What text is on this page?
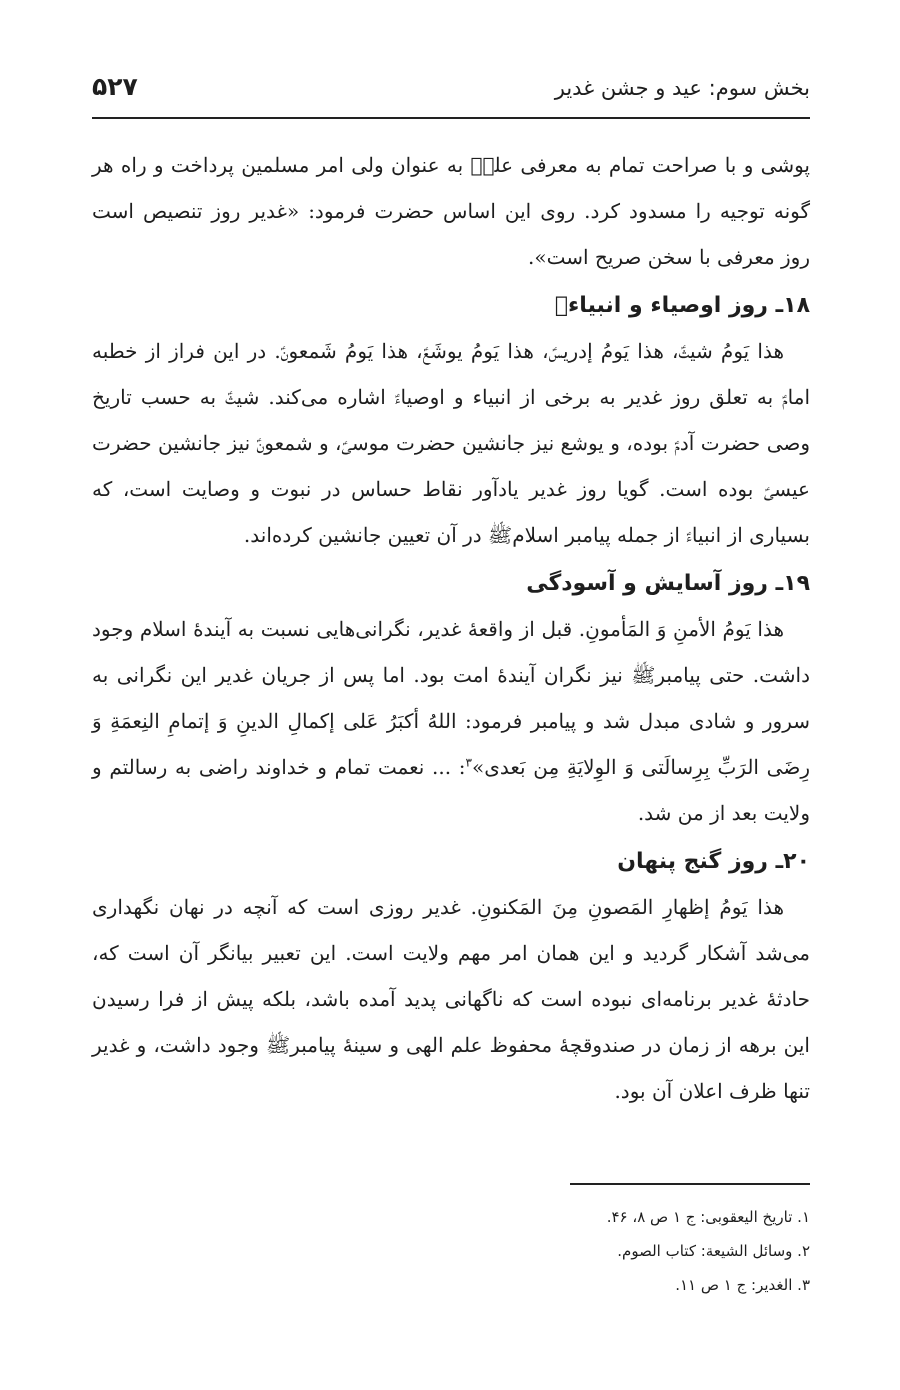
بخش سوم: عید و جشن غدیر
۵۲۷

پوشی و با صراحت تمام به معرفی علیؑ به عنوان ولی امر مسلمین پرداخت و راه هر گونه توجیه را مسدود کرد. روی این اساس حضرت فرمود: «غدیر روز تنصیص است روز معرفی با سخن صریح است».

۱۸ـ روز اوصیاء و انبیاءؑ

هذا یَومُ شیثؑ، هذا یَومُ إدریسؑ، هذا یَومُ یوشَعؑ، هذا یَومُ شَمعونؑ. در این فراز از خطبه امامؑ به تعلق روز غدیر به برخی از انبیاء و اوصیاءؑ اشاره می‌کند. شیثؑ به حسب تاریخ وصی حضرت آدمؑ بوده، و یوشع نیز جانشین حضرت موسیؑ، و شمعونؑ نیز جانشین حضرت عیسیؑ بوده است. گویا روز غدیر یادآور نقاط حساس در نبوت و وصایت است، که بسیاری از انبیاءؑ از جمله پیامبر اسلامﷺ در آن تعیین جانشین کرده‌اند.

۱۹ـ روز آسایش و آسودگی

هذا یَومُ الأمنِ وَ المَأمونِ. قبل از واقعهٔ غدیر، نگرانی‌هایی نسبت به آیندهٔ اسلام وجود داشت. حتی پیامبرﷺ نیز نگران آیندهٔ امت بود. اما پس از جریان غدیر این نگرانی به سرور و شادی مبدل شد و پیامبر فرمود: اللهُ أکبَرُ عَلی إکمالِ الدینِ وَ إتمامِ النِعمَةِ وَ رِضَی الرَبِّ بِرِسالَتی وَ الوِلایَةِ مِن بَعدی»$^۳$: ... نعمت تمام و خداوند راضی به رسالتم و ولایت بعد از من شد.

۲۰ـ روز گنج پنهان

هذا یَومُ إظهارِ المَصونِ مِنَ المَکنونِ. غدیر روزی است که آنچه در نهان نگهداری می‌شد آشکار گردید و این همان امر مهم ولایت است. این تعبیر بیانگر آن است که، حادثهٔ غدیر برنامه‌ای نبوده است که ناگهانی پدید آمده باشد، بلکه پیش از فرا رسیدن این برهه از زمان در صندوقچهٔ محفوظ علم الهی و سینهٔ پیامبرﷺ وجود داشت، و غدیر تنها ظرف اعلان آن بود.

۱. تاریخ الیعقوبی: ج ۱ ص ۸، ۴۶.
۲. وسائل الشیعة: کتاب الصوم.
۳. الغدیر: ج ۱ ص ۱۱.
